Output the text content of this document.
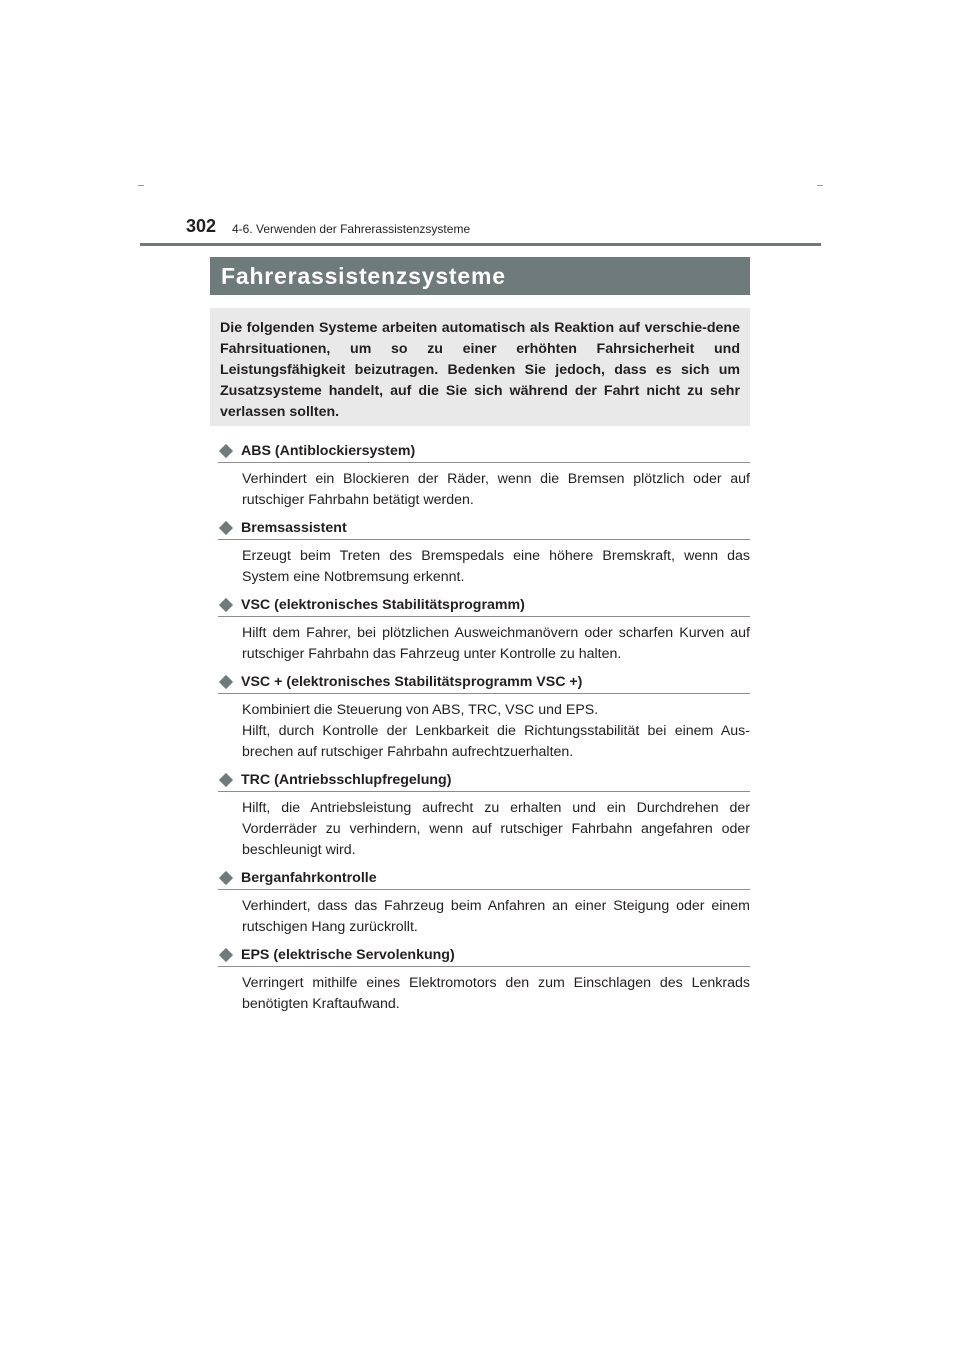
302 4-6. Verwenden der Fahrerassistenzsysteme
Fahrerassistenzsysteme
Die folgenden Systeme arbeiten automatisch als Reaktion auf verschie-dene Fahrsituationen, um so zu einer erhöhten Fahrsicherheit und Leistungsfähigkeit beizutragen. Bedenken Sie jedoch, dass es sich um Zusatzsysteme handelt, auf die Sie sich während der Fahrt nicht zu sehr verlassen sollten.
ABS (Antiblockiersystem)

Verhindert ein Blockieren der Räder, wenn die Bremsen plötzlich oder auf rutschiger Fahrbahn betätigt werden.

Bremsassistent

Erzeugt beim Treten des Bremspedals eine höhere Bremskraft, wenn das System eine Notbremsung erkennt.

VSC (elektronisches Stabilitätsprogramm)

Hilft dem Fahrer, bei plötzlichen Ausweichmanövern oder scharfen Kurven auf rutschiger Fahrbahn das Fahrzeug unter Kontrolle zu halten.

VSC + (elektronisches Stabilitätsprogramm VSC +)

Kombiniert die Steuerung von ABS, TRC, VSC und EPS.

Hilft, durch Kontrolle der Lenkbarkeit die Richtungsstabilität bei einem Aus-brechen auf rutschiger Fahrbahn aufrechtzuerhalten.

TRC (Antriebsschlupfregelung)

Hilft, die Antriebsleistung aufrecht zu erhalten und ein Durchdrehen der Vorderräder zu verhindern, wenn auf rutschiger Fahrbahn angefahren oder beschleunigt wird.

Berganfahrkontrolle

Verhindert, dass das Fahrzeug beim Anfahren an einer Steigung oder einem rutschigen Hang zurückrollt.

EPS (elektrische Servolenkung)

Verringert mithilfe eines Elektromotors den zum Einschlagen des Lenkrads benötigten Kraftaufwand.
